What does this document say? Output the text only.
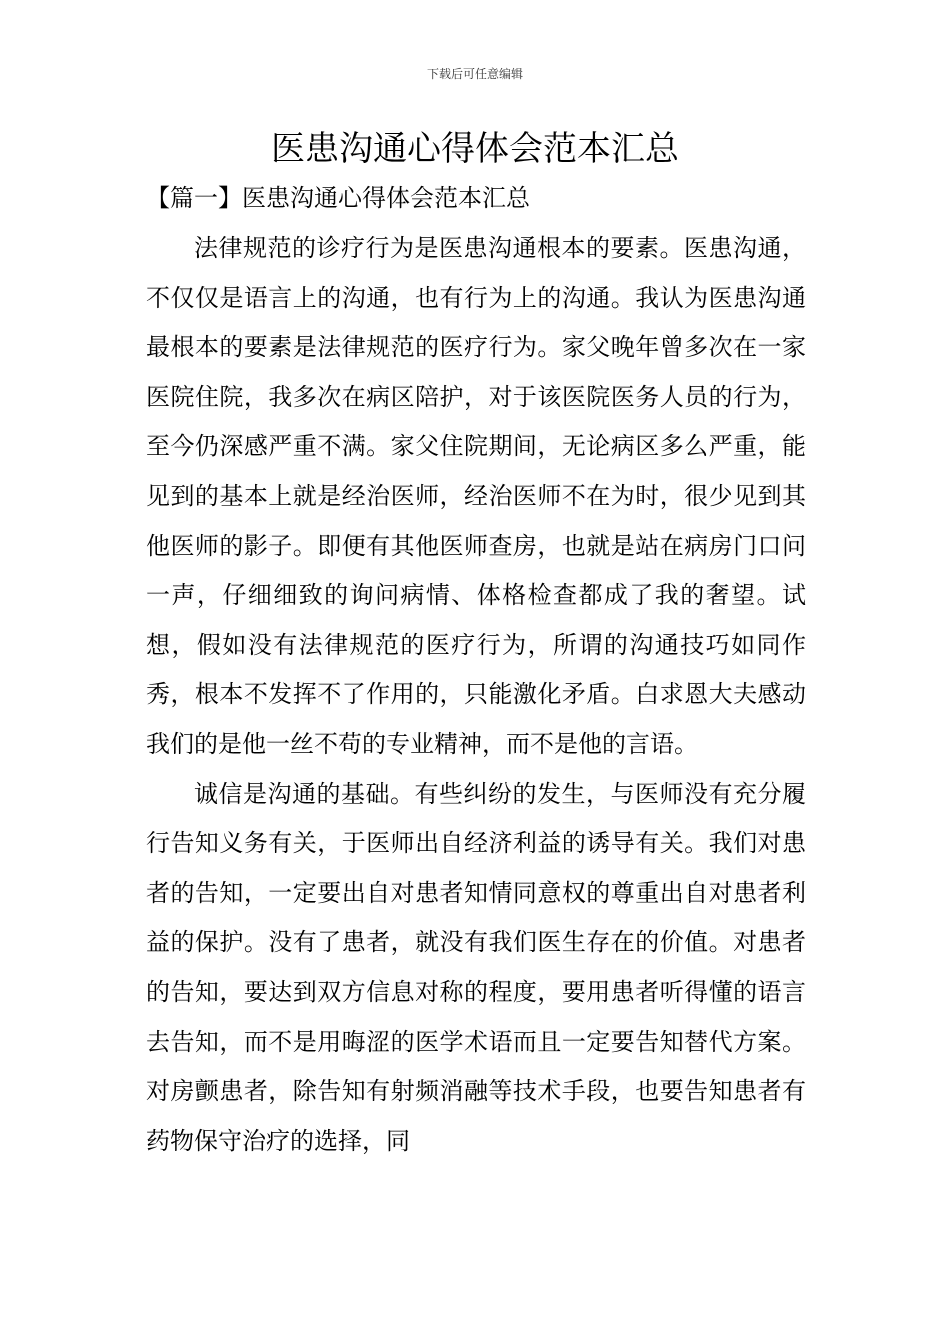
下载后可任意编辑
医患沟通心得体会范本汇总
【篇一】医患沟通心得体会范本汇总

法律规范的诊疗行为是医患沟通根本的要素。医患沟通，不仅仅是语言上的沟通，也有行为上的沟通。我认为医患沟通最根本的要素是法律规范的医疗行为。家父晚年曾多次在一家医院住院，我多次在病区陪护，对于该医院医务人员的行为，至今仍深感严重不满。家父住院期间，无论病区多么严重，能见到的基本上就是经治医师，经治医师不在为时，很少见到其他医师的影子。即便有其他医师查房，也就是站在病房门口问一声，仔细细致的询问病情、体格检查都成了我的奢望。试想，假如没有法律规范的医疗行为，所谓的沟通技巧如同作秀，根本不发挥不了作用的，只能激化矛盾。白求恩大夫感动我们的是他一丝不苟的专业精神，而不是他的言语。

诚信是沟通的基础。有些纠纷的发生，与医师没有充分履行告知义务有关，于医师出自经济利益的诱导有关。我们对患者的告知，一定要出自对患者知情同意权的尊重出自对患者利益的保护。没有了患者，就没有我们医生存在的价值。对患者的告知，要达到双方信息对称的程度，要用患者听得懂的语言去告知，而不是用晦涩的医学术语而且一定要告知替代方案。对房颤患者，除告知有射频消融等技术手段，也要告知患者有药物保守治疗的选择，同
